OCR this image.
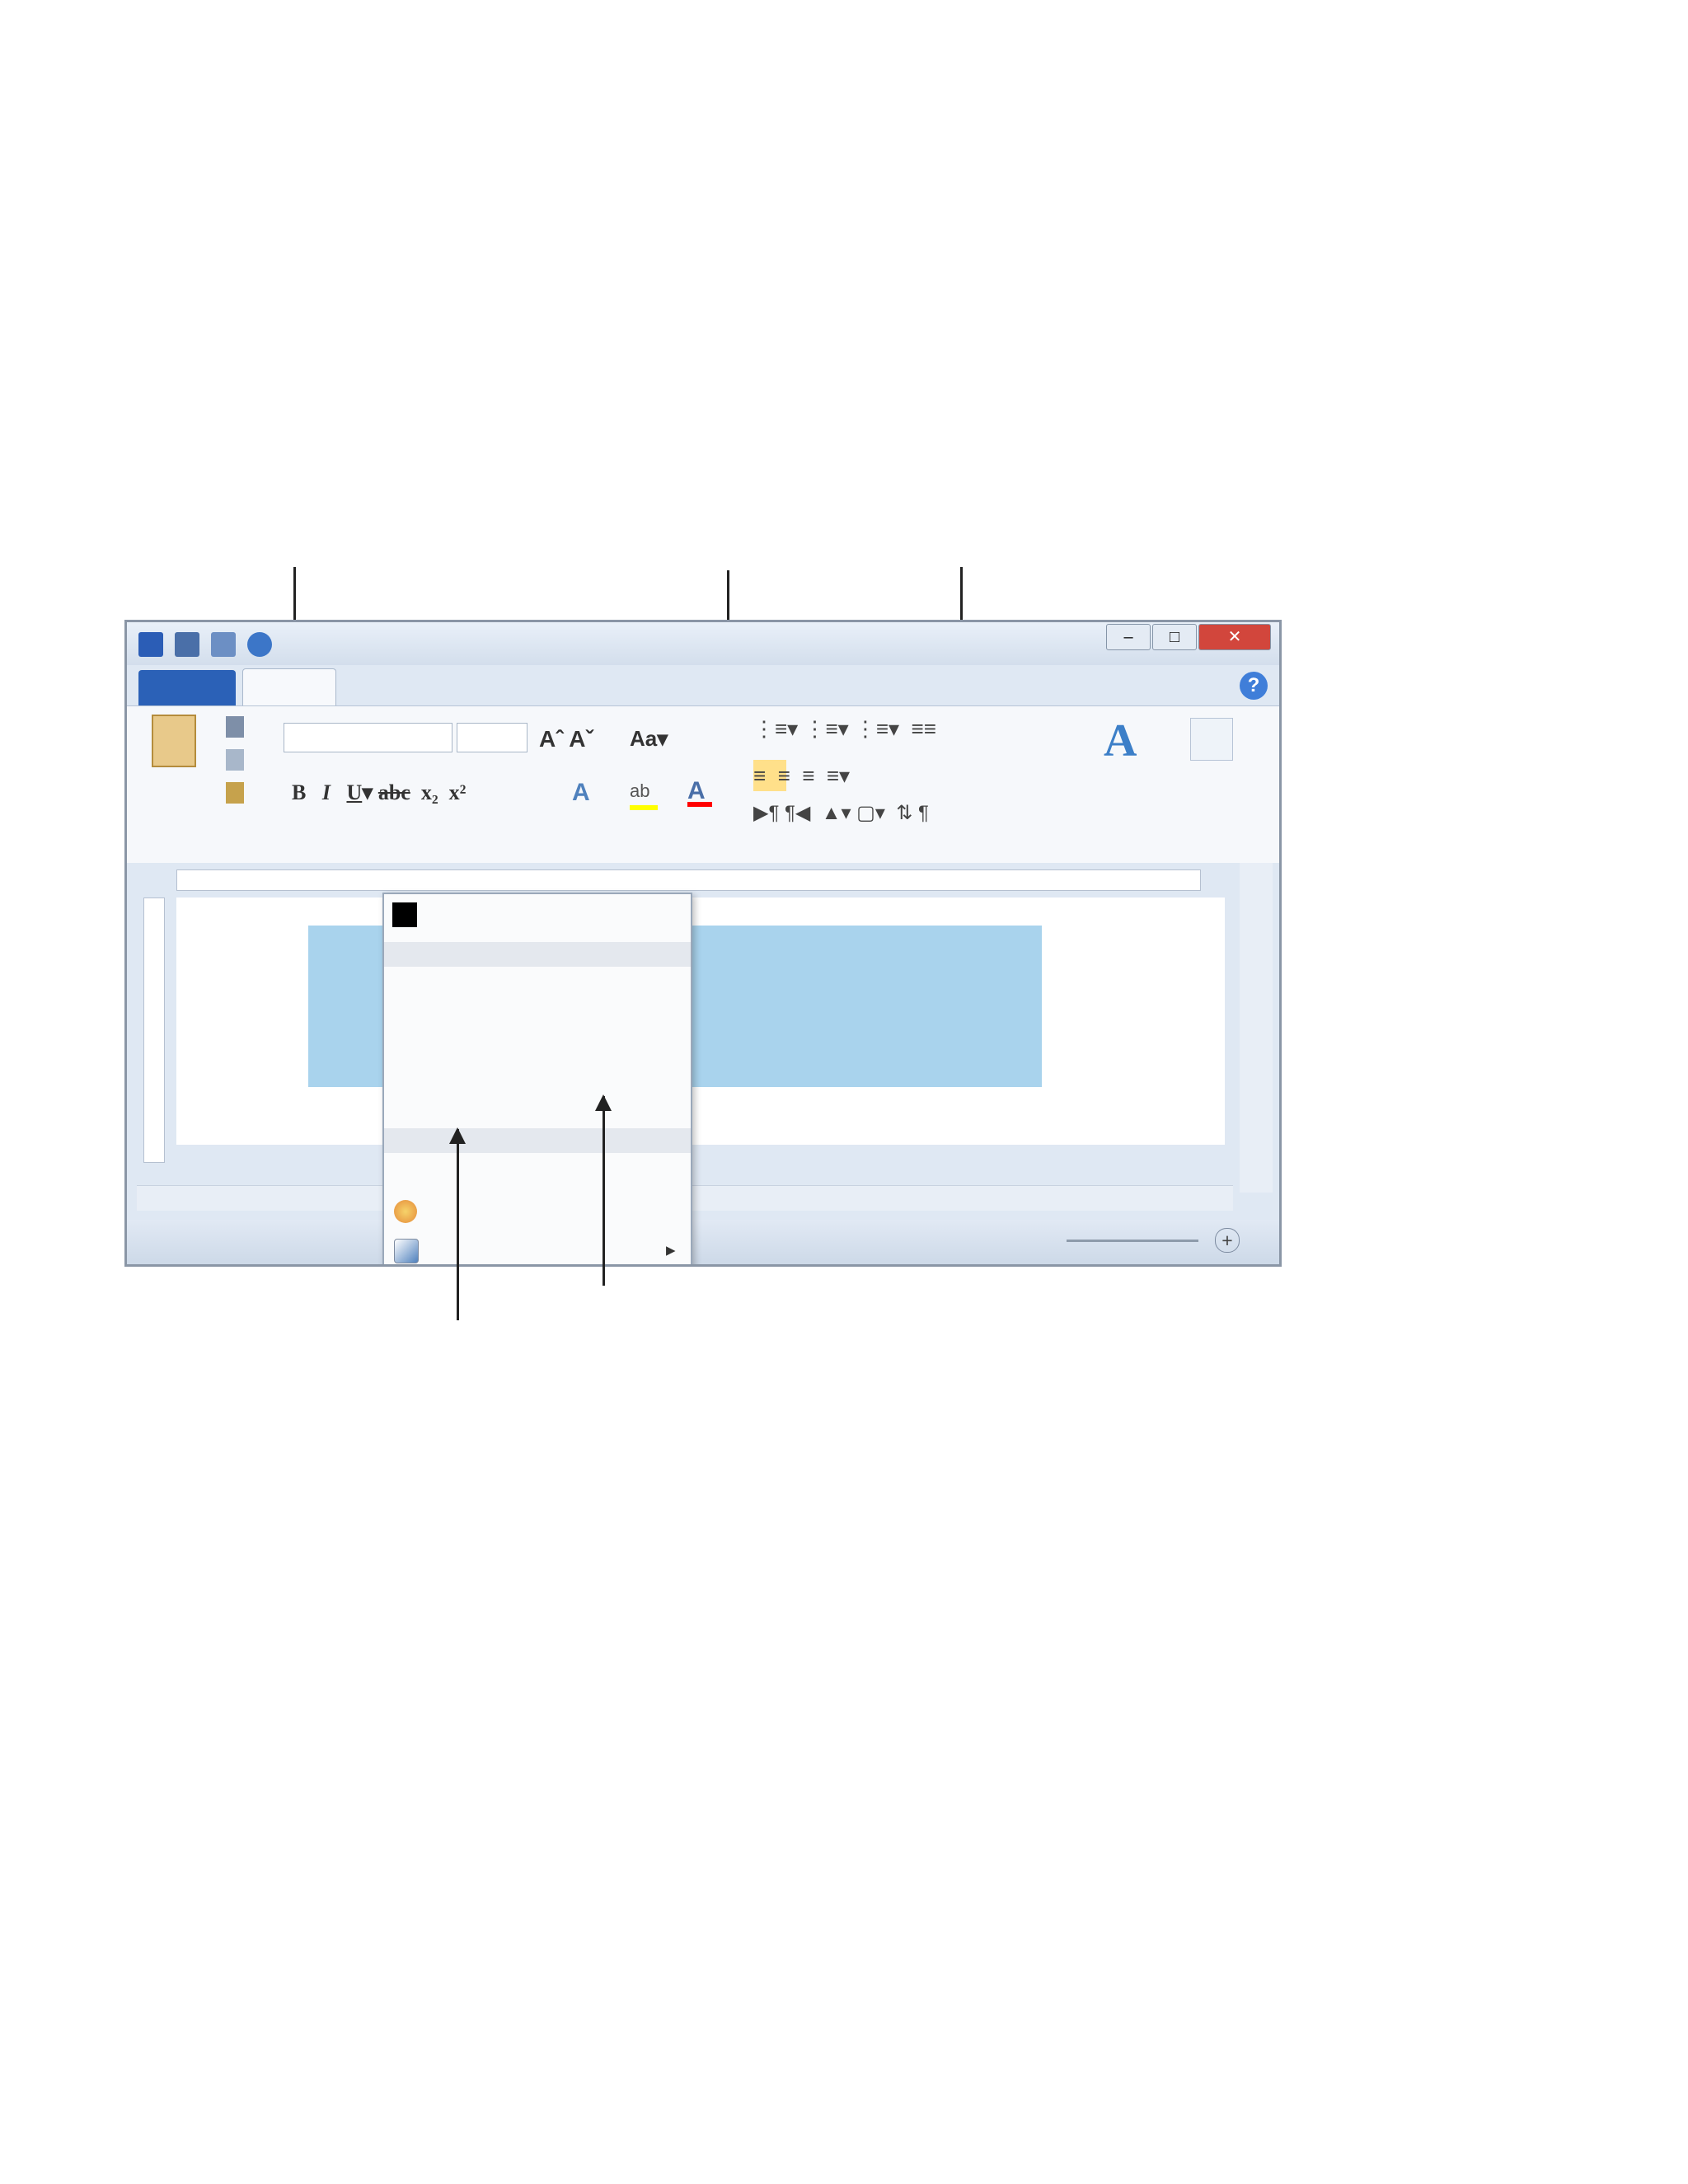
–	□	✕
?
Aˆ Aˇ Aa▾
B   I U▾ abc  x₂  x²	A	ab	A
≡  ≡  ≡  ≡▾
⋮≡▾ ⋮≡▾ ⋮≡▾  ≡≡
▶¶ ¶◀  ▲▾ ▢▾  ⇅ ¶
A
+
▸
